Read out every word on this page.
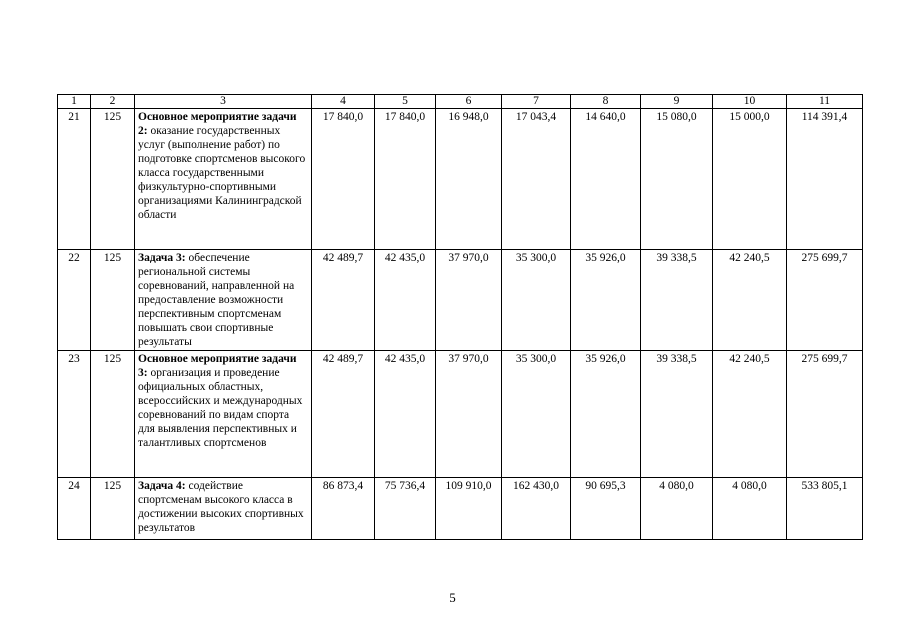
1	2	3	4	5	6	7	8	9	10	11
21	125	Основное мероприятие задачи 2: оказание государственных услуг (выполнение работ) по подготовке спортсменов высокого класса государственными физкультурно-спортивными организациями Калининградской области	17 840,0	17 840,0	16 948,0	17 043,4	14 640,0	15 080,0	15 000,0	114 391,4
22	125	Задача 3: обеспечение региональной системы соревнований, направленной на предоставление возможности перспективным спортсменам повышать свои спортивные результаты	42 489,7	42 435,0	37 970,0	35 300,0	35 926,0	39 338,5	42 240,5	275 699,7
23	125	Основное мероприятие задачи 3: организация и проведение официальных областных, всероссийских и международных соревнований по видам спорта для выявления перспективных и талантливых спортсменов	42 489,7	42 435,0	37 970,0	35 300,0	35 926,0	39 338,5	42 240,5	275 699,7
24	125	Задача 4: содействие спортсменам высокого класса в достижении высоких спортивных результатов	86 873,4	75 736,4	109 910,0	162 430,0	90 695,3	4 080,0	4 080,0	533 805,1
5
